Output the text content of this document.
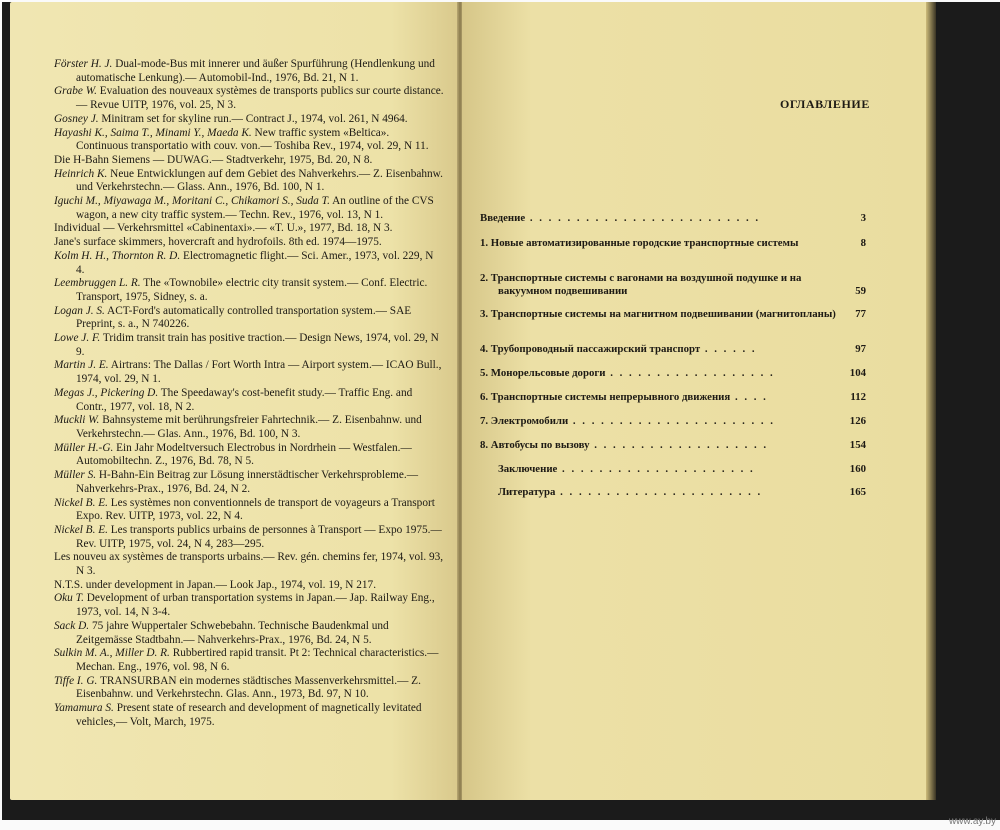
Förster H. J. Dual-mode-Bus mit innerer und äußer Spurführung (Hendlenkung und automatische Lenkung).— Automobil-Ind., 1976, Bd. 21, N 1.
Grabe W. Evaluation des nouveaux systèmes de transports publics sur courte distance.— Revue UITP, 1976, vol. 25, N 3.
Gosney J. Minitram set for skyline run.— Contract J., 1974, vol. 261, N 4964.
Hayashi K., Saima T., Minami Y., Maeda K. New traffic system «Beltica». Continuous transportatio with couv. von.— Toshiba Rev., 1974, vol. 29, N 11.
Die H-Bahn Siemens — DUWAG.— Stadtverkehr, 1975, Bd. 20, N 8.
Heinrich K. Neue Entwicklungen auf dem Gebiet des Nahverkehrs.— Z. Eisenbahnw. und Verkehrstechn.— Glass. Ann., 1976, Bd. 100, N 1.
Iguchi M., Miyawaga M., Moritani C., Chikamori S., Suda T. An outline of the CVS wagon, a new city traffic system.— Techn. Rev., 1976, vol. 13, N 1.
Individual — Verkehrsmittel «Cabinentaxi».— «T. U.», 1977, Bd. 18, N 3.
Jane's surface skimmers, hovercraft and hydrofoils. 8th ed. 1974—1975.
Kolm H. H., Thornton R. D. Electromagnetic flight.— Sci. Amer., 1973, vol. 229, N 4.
Leembruggen L. R. The «Townobile» electric city transit system.— Conf. Electric. Transport, 1975, Sidney, s. a.
Logan J. S. ACT-Ford's automatically controlled transportation system.— SAE Preprint, s. a., N 740226.
Lowe J. F. Tridim transit train has positive traction.— Design News, 1974, vol. 29, N 9.
Martin J. E. Airtrans: The Dallas / Fort Worth Intra — Airport system.— ICAO Bull., 1974, vol. 29, N 1.
Megas J., Pickering D. The Speedaway's cost-benefit study.— Traffic Eng. and Contr., 1977, vol. 18, N 2.
Muckli W. Bahnsysteme mit berührungsfreier Fahrtechnik.— Z. Eisenbahnw. und Verkehrstechn.— Glas. Ann., 1976, Bd. 100, N 3.
Müller H.-G. Ein Jahr Modeltversuch Electrobus in Nordrhein — Westfalen.— Automobiltechn. Z., 1976, Bd. 78, N 5.
Müller S. H-Bahn-Ein Beitrag zur Lösung innerstädtischer Verkehrsprobleme.— Nahverkehrs-Prax., 1976, Bd. 24, N 2.
Nickel B. E. Les systèmes non conventionnels de transport de voyageurs a Transport Expo. Rev. UITP, 1973, vol. 22, N 4.
Nickel B. E. Les transports publics urbains de personnes à Transport — Expo 1975.— Rev. UITP, 1975, vol. 24, N 4, 283—295.
Les nouveu ax systèmes de transports urbains.— Rev. gén. chemins fer, 1974, vol. 93, N 3.
N.T.S. under development in Japan.— Look Jap., 1974, vol. 19, N 217.
Oku T. Development of urban transportation systems in Japan.— Jap. Railway Eng., 1973, vol. 14, N 3-4.
Sack D. 75 jahre Wuppertaler Schwebebahn. Technische Baudenkmal und Zeitgemässe Stadtbahn.— Nahverkehrs-Prax., 1976, Bd. 24, N 5.
Sulkin M. A., Miller D. R. Rubbertired rapid transit. Pt 2: Technical characteristics.— Mechan. Eng., 1976, vol. 98, N 6.
Tiffe I. G. TRANSURBAN ein modernes städtisches Massenverkehrsmittel.— Z. Eisenbahnw. und Verkehrstechn. Glas. Ann., 1973, Bd. 97, N 10.
Yamamura S. Present state of research and development of magnetically levitated vehicles,— Volt, March, 1975.
ОГЛАВЛЕНИЕ
Введение . . . . . . . . . . . . . . . . . . . . . . . . .	3
1. Новые автоматизированные городские транспортные системы	8
2. Транспортные системы с вагонами на воздушной подушке и на вакуумном подвешивании	59
3. Транспортные системы на магнитном подвешивании (магнитопланы)	77
4. Трубопроводный пассажирский транспорт . . . . . .	97
5. Монорельсовые дороги . . . . . . . . . . . . . . . . . .	104
6. Транспортные системы непрерывного движения . . . .	112
7. Электромобили . . . . . . . . . . . . . . . . . . . . . .	126
8. Автобусы по вызову . . . . . . . . . . . . . . . . . . .	154
Заключение . . . . . . . . . . . . . . . . . . . . .	160
Литература . . . . . . . . . . . . . . . . . . . . . .	165
www.ay.by
